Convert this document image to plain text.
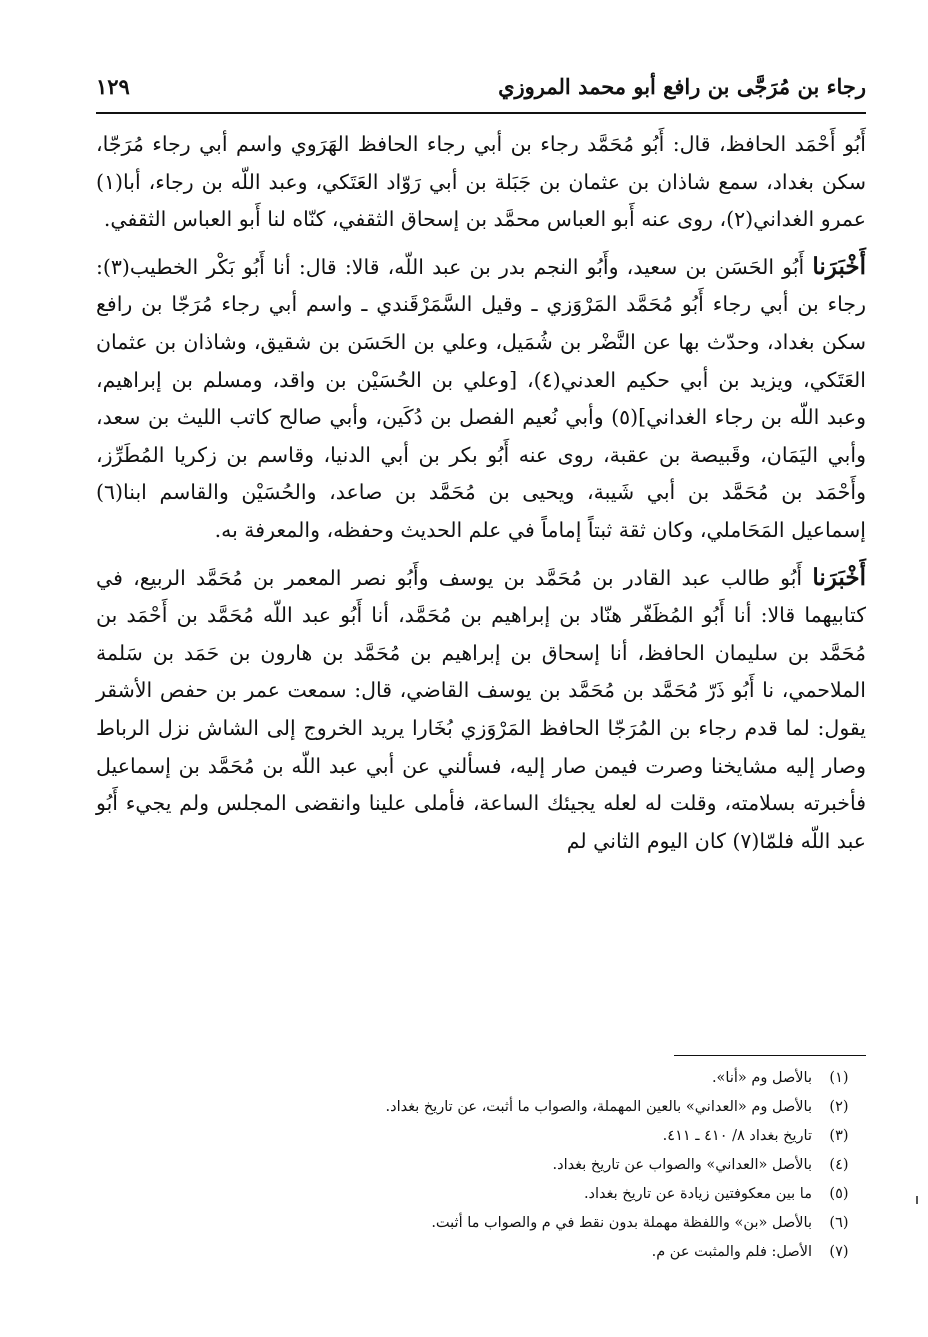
رجاء بن مُرَجَّى بن رافع أبو محمد المروزي
١٢٩

أَبُو أَحْمَد الحافظ، قال: أَبُو مُحَمَّد رجاء بن أبي رجاء الحافظ الهَرَوي واسم أبي رجاء مُرَجّا، سكن بغداد، سمع شاذان بن عثمان بن جَبَلة بن أبي رَوّاد العَتَكي، وعبد اللّه بن رجاء، أبا(١) عمرو الغداني(٢)، روى عنه أَبو العباس محمَّد بن إسحاق الثقفي، كنّاه لنا أَبو العباس الثقفي.

أَخْبَرَنا أَبُو الحَسَن بن سعيد، وأَبُو النجم بدر بن عبد اللّه، قالا: قال: أنا أَبُو بَكْر الخطيب(٣): رجاء بن أبي رجاء أَبُو مُحَمَّد المَرْوَزي ـ وقيل السَّمَرْقَندي ـ واسم أبي رجاء مُرَجّا بن رافع سكن بغداد، وحدّث بها عن النَّضْر بن شُمَيل، وعلي بن الحَسَن بن شقيق، وشاذان بن عثمان العَتَكي، ويزيد بن أبي حكيم العدني(٤)، [وعلي بن الحُسَيْن بن واقد، ومسلم بن إبراهيم، وعبد اللّه بن رجاء الغداني](٥) وأبي نُعيم الفصل بن دُكَين، وأبي صالح كاتب الليث بن سعد، وأبي اليَمَان، وقَبيصة بن عقبة، روى عنه أَبُو بكر بن أبي الدنيا، وقاسم بن زكريا المُطَرِّز، وأَحْمَد بن مُحَمَّد بن أبي شَيبة، ويحيى بن مُحَمَّد بن صاعد، والحُسَيْن والقاسم ابنا(٦) إسماعيل المَحَاملي، وكان ثقة ثبتاً إماماً في علم الحديث وحفظه، والمعرفة به.

أَخْبَرَنا أَبُو طالب عبد القادر بن مُحَمَّد بن يوسف وأَبُو نصر المعمر بن مُحَمَّد الربيع، في كتابيهما قالا: أنا أَبُو المُظَفّر هنّاد بن إبراهيم بن مُحَمَّد، أنا أَبُو عبد اللّه مُحَمَّد بن أَحْمَد بن مُحَمَّد بن سليمان الحافظ، أنا إسحاق بن إبراهيم بن مُحَمَّد بن هارون بن حَمَد بن سَلمة الملاحمي، نا أَبُو ذَرّ مُحَمَّد بن مُحَمَّد بن يوسف القاضي، قال: سمعت عمر بن حفص الأشقر يقول: لما قدم رجاء بن المُرَجّا الحافظ المَرْوَزي بُخَارا يريد الخروج إلى الشاش نزل الرباط وصار إليه مشايخنا وصرت فيمن صار إليه، فسألني عن أبي عبد اللّه بن مُحَمَّد بن إسماعيل فأخبرته بسلامته، وقلت له لعله يجيئك الساعة، فأملى علينا وانقضى المجلس ولم يجيء أَبُو عبد اللّه فلمّا(٧) كان اليوم الثاني لم

(١)
بالأصل وم «أنا».
(٢)
بالأصل وم «العداني» بالعين المهملة، والصواب ما أثبت، عن تاريخ بغداد.
(٣)
تاريخ بغداد ٨/ ٤١٠ ـ ٤١١.
(٤)
بالأصل «العداني» والصواب عن تاريخ بغداد.
(٥)
ما بين معكوفتين زيادة عن تاريخ بغداد.
(٦)
بالأصل «بن» واللفظة مهملة بدون نقط في م والصواب ما أثبت.
(٧)
الأصل: فلم والمثبت عن م.
